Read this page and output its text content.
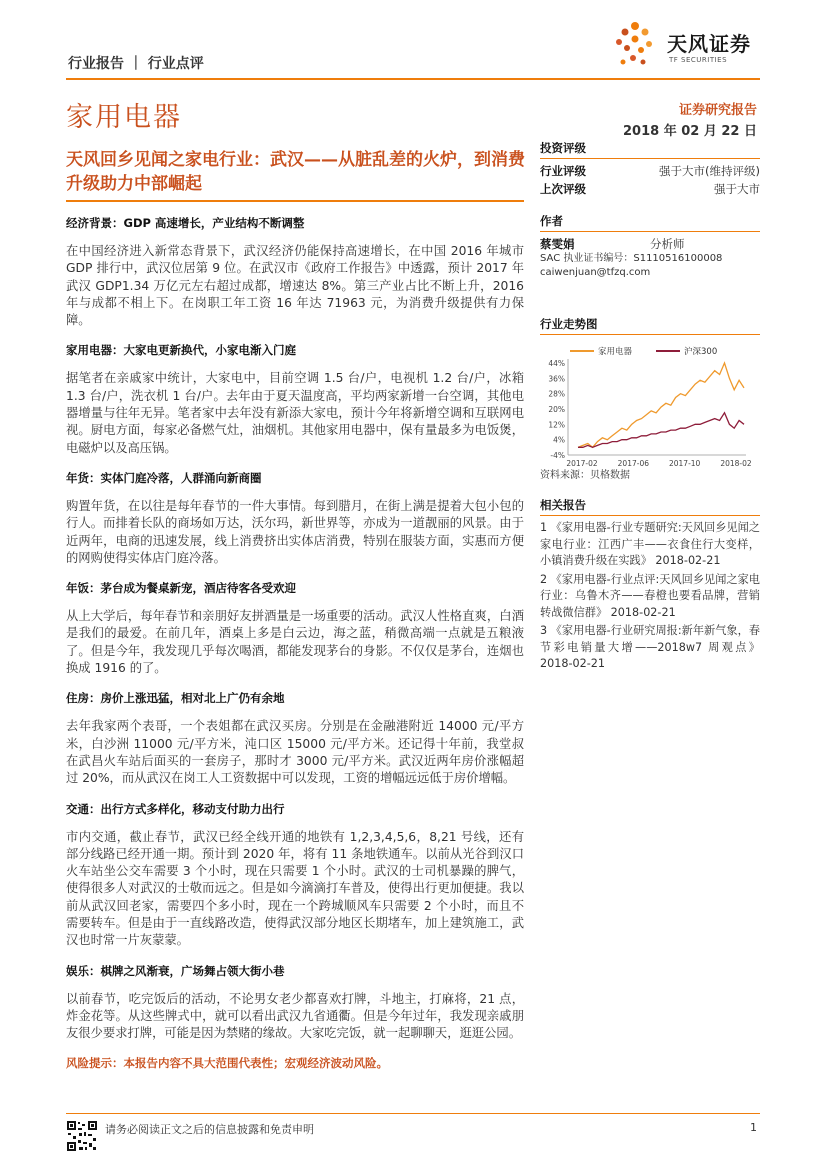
天风证券
TF SECURITIES
行业报告 ｜ 行业点评
家用电器	证券研究报告
2018 年 02 月 22 日
天风回乡见闻之家电行业：武汉——从脏乱差的火炉，到消费升级助力中部崛起
经济背景：GDP 高速增长，产业结构不断调整
在中国经济进入新常态背景下，武汉经济仍能保持高速增长，在中国 2016 年城市 GDP 排行中，武汉位居第 9 位。在武汉市《政府工作报告》中透露，预计 2017 年武汉 GDP1.34 万亿元左右超过成都，增速达 8%。第三产业占比不断上升，2016 年与成都不相上下。在岗职工年工资 16 年达 71963 元，为消费升级提供有力保障。
家用电器：大家电更新换代，小家电渐入门庭
据笔者在亲戚家中统计，大家电中，目前空调 1.5 台/户，电视机 1.2 台/户，冰箱 1.3 台/户，洗衣机 1 台/户。去年由于夏天温度高，平均两家新增一台空调，其他电器增量与往年无异。笔者家中去年没有新添大家电，预计今年将新增空调和互联网电视。厨电方面，每家必备燃气灶，油烟机。其他家用电器中，保有量最多为电饭煲，电磁炉以及高压锅。
年货：实体门庭冷落，人群涌向新商圈
购置年货，在以往是每年春节的一件大事情。每到腊月，在街上满是提着大包小包的行人。而排着长队的商场如万达，沃尔玛，新世界等，亦成为一道靓丽的风景。由于近两年，电商的迅速发展，线上消费挤出实体店消费，特别在服装方面，实惠而方便的网购使得实体店门庭冷落。
年饭：茅台成为餐桌新宠，酒店待客各受欢迎
从上大学后，每年春节和亲朋好友拼酒量是一场重要的活动。武汉人性格直爽，白酒是我们的最爱。在前几年，酒桌上多是白云边，海之蓝，稍微高端一点就是五粮液了。但是今年，我发现几乎每次喝酒，都能发现茅台的身影。不仅仅是茅台，连烟也换成 1916 的了。
住房：房价上涨迅猛，相对北上广仍有余地
去年我家两个表哥，一个表姐都在武汉买房。分别是在金融港附近 14000 元/平方米，白沙洲 11000 元/平方米，沌口区 15000 元/平方米。还记得十年前，我堂叔在武昌火车站后面买的一套房子，那时才 3000 元/平方米。武汉近两年房价涨幅超过 20%，而从武汉在岗工人工资数据中可以发现，工资的增幅远远低于房价增幅。
交通：出行方式多样化，移动支付助力出行
市内交通，截止春节，武汉已经全线开通的地铁有 1,2,3,4,5,6，8,21 号线，还有部分线路已经开通一期。预计到 2020 年，将有 11 条地铁通车。以前从光谷到汉口火车站坐公交车需要 3 个小时，现在只需要 1 个小时。武汉的士司机暴躁的脾气，使得很多人对武汉的士敬而远之。但是如今滴滴打车普及，使得出行更加便捷。我以前从武汉回老家，需要四个多小时，现在一个跨城顺风车只需要 2 个小时，而且不需要转车。但是由于一直线路改造，使得武汉部分地区长期堵车，加上建筑施工，武汉也时常一片灰蒙蒙。
娱乐：棋牌之风渐衰，广场舞占领大街小巷
以前春节，吃完饭后的活动，不论男女老少都喜欢打牌，斗地主，打麻将，21 点，炸金花等。从这些牌式中，就可以看出武汉九省通衢。但是今年过年，我发现亲戚朋友很少要求打牌，可能是因为禁赌的缘故。大家吃完饭，就一起聊聊天，逛逛公园。
风险提示：本报告内容不具大范围代表性；宏观经济波动风险。
投资评级
行业评级	强于大市(维持评级)
上次评级	强于大市
作者
蔡雯娟	分析师
SAC 执业证书编号：S1110516100008
caiwenjuan@tfzq.com
行业走势图
家用电器	沪深300
44%
36%
28%
20%
12%
4%
-4%
2017-02	2017-06	2017-10	2018-02
资料来源：贝格数据
相关报告
1 《家用电器-行业专题研究:天风回乡见闻之家电行业：江西广丰——衣食住行大变样，小镇消费升级在实践》 2018-02-21
2 《家用电器-行业点评:天风回乡见闻之家电行业：乌鲁木齐——春橙也要看品牌，营销转战微信群》 2018-02-21
3 《家用电器-行业研究周报:新年新气象，春节彩电销量大增——2018w7 周观点》 2018-02-21
请务必阅读正文之后的信息披露和免责申明	1
